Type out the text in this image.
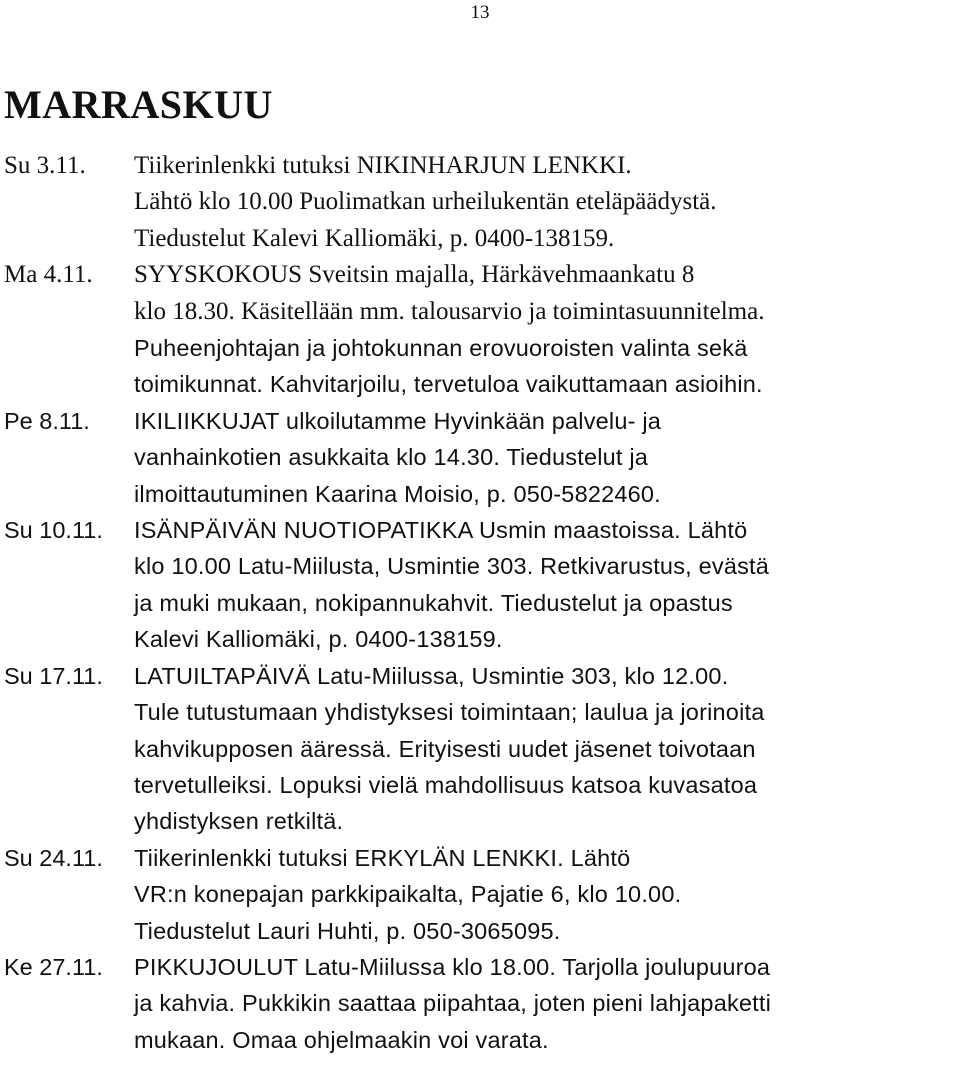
13
MARRASKUU
Su 3.11.	Tiikerinlenkki tutuksi NIKINHARJUN LENKKI.
Lähtö klo 10.00 Puolimatkan urheilukentän eteläpäädystä.
Tiedustelut Kalevi Kalliomäki, p. 0400-138159.
Ma 4.11.	SYYSKOKOUS Sveitsin majalla, Härkävehmaankatu 8
klo 18.30. Käsitellään mm. talousarvio ja toimintasuunnitelma.
Puheenjohtajan ja johtokunnan erovuoroisten valinta sekä
toimikunnat. Kahvitarjoilu, tervetuloa vaikuttamaan asioihin.
Pe 8.11.	IKILIIKKUJAT ulkoilutamme Hyvinkään palvelu- ja
vanhainkotien asukkaita klo 14.30. Tiedustelut ja
ilmoittautuminen Kaarina Moisio, p. 050-5822460.
Su 10.11.	ISÄNPÄIVÄN NUOTIOPATIKKA Usmin maastoissa. Lähtö
klo 10.00 Latu-Miilusta, Usmintie 303. Retkivarustus, evästä
ja muki mukaan, nokipannukahvit. Tiedustelut ja opastus
Kalevi Kalliomäki, p. 0400-138159.
Su 17.11.	LATUILTAPÄIVÄ Latu-Miilussa, Usmintie 303, klo 12.00.
Tule tutustumaan yhdistyksesi toimintaan; laulua ja jorinoita
kahvikupposen ääressä. Erityisesti uudet jäsenet toivotaan
tervetulleiksi. Lopuksi vielä mahdollisuus katsoa kuvasatoa
yhdistyksen retkiltä.
Su 24.11.	Tiikerinlenkki tutuksi ERKYLÄN LENKKI. Lähtö
VR:n konepajan parkkipaikalta, Pajatie 6, klo 10.00.
Tiedustelut Lauri Huhti, p. 050-3065095.
Ke 27.11.	PIKKUJOULUT Latu-Miilussa klo 18.00. Tarjolla joulupuuroa
ja kahvia. Pukkikin saattaa piipahtaa, joten pieni lahjapaketti
mukaan. Omaa ohjelmaakin voi varata.
